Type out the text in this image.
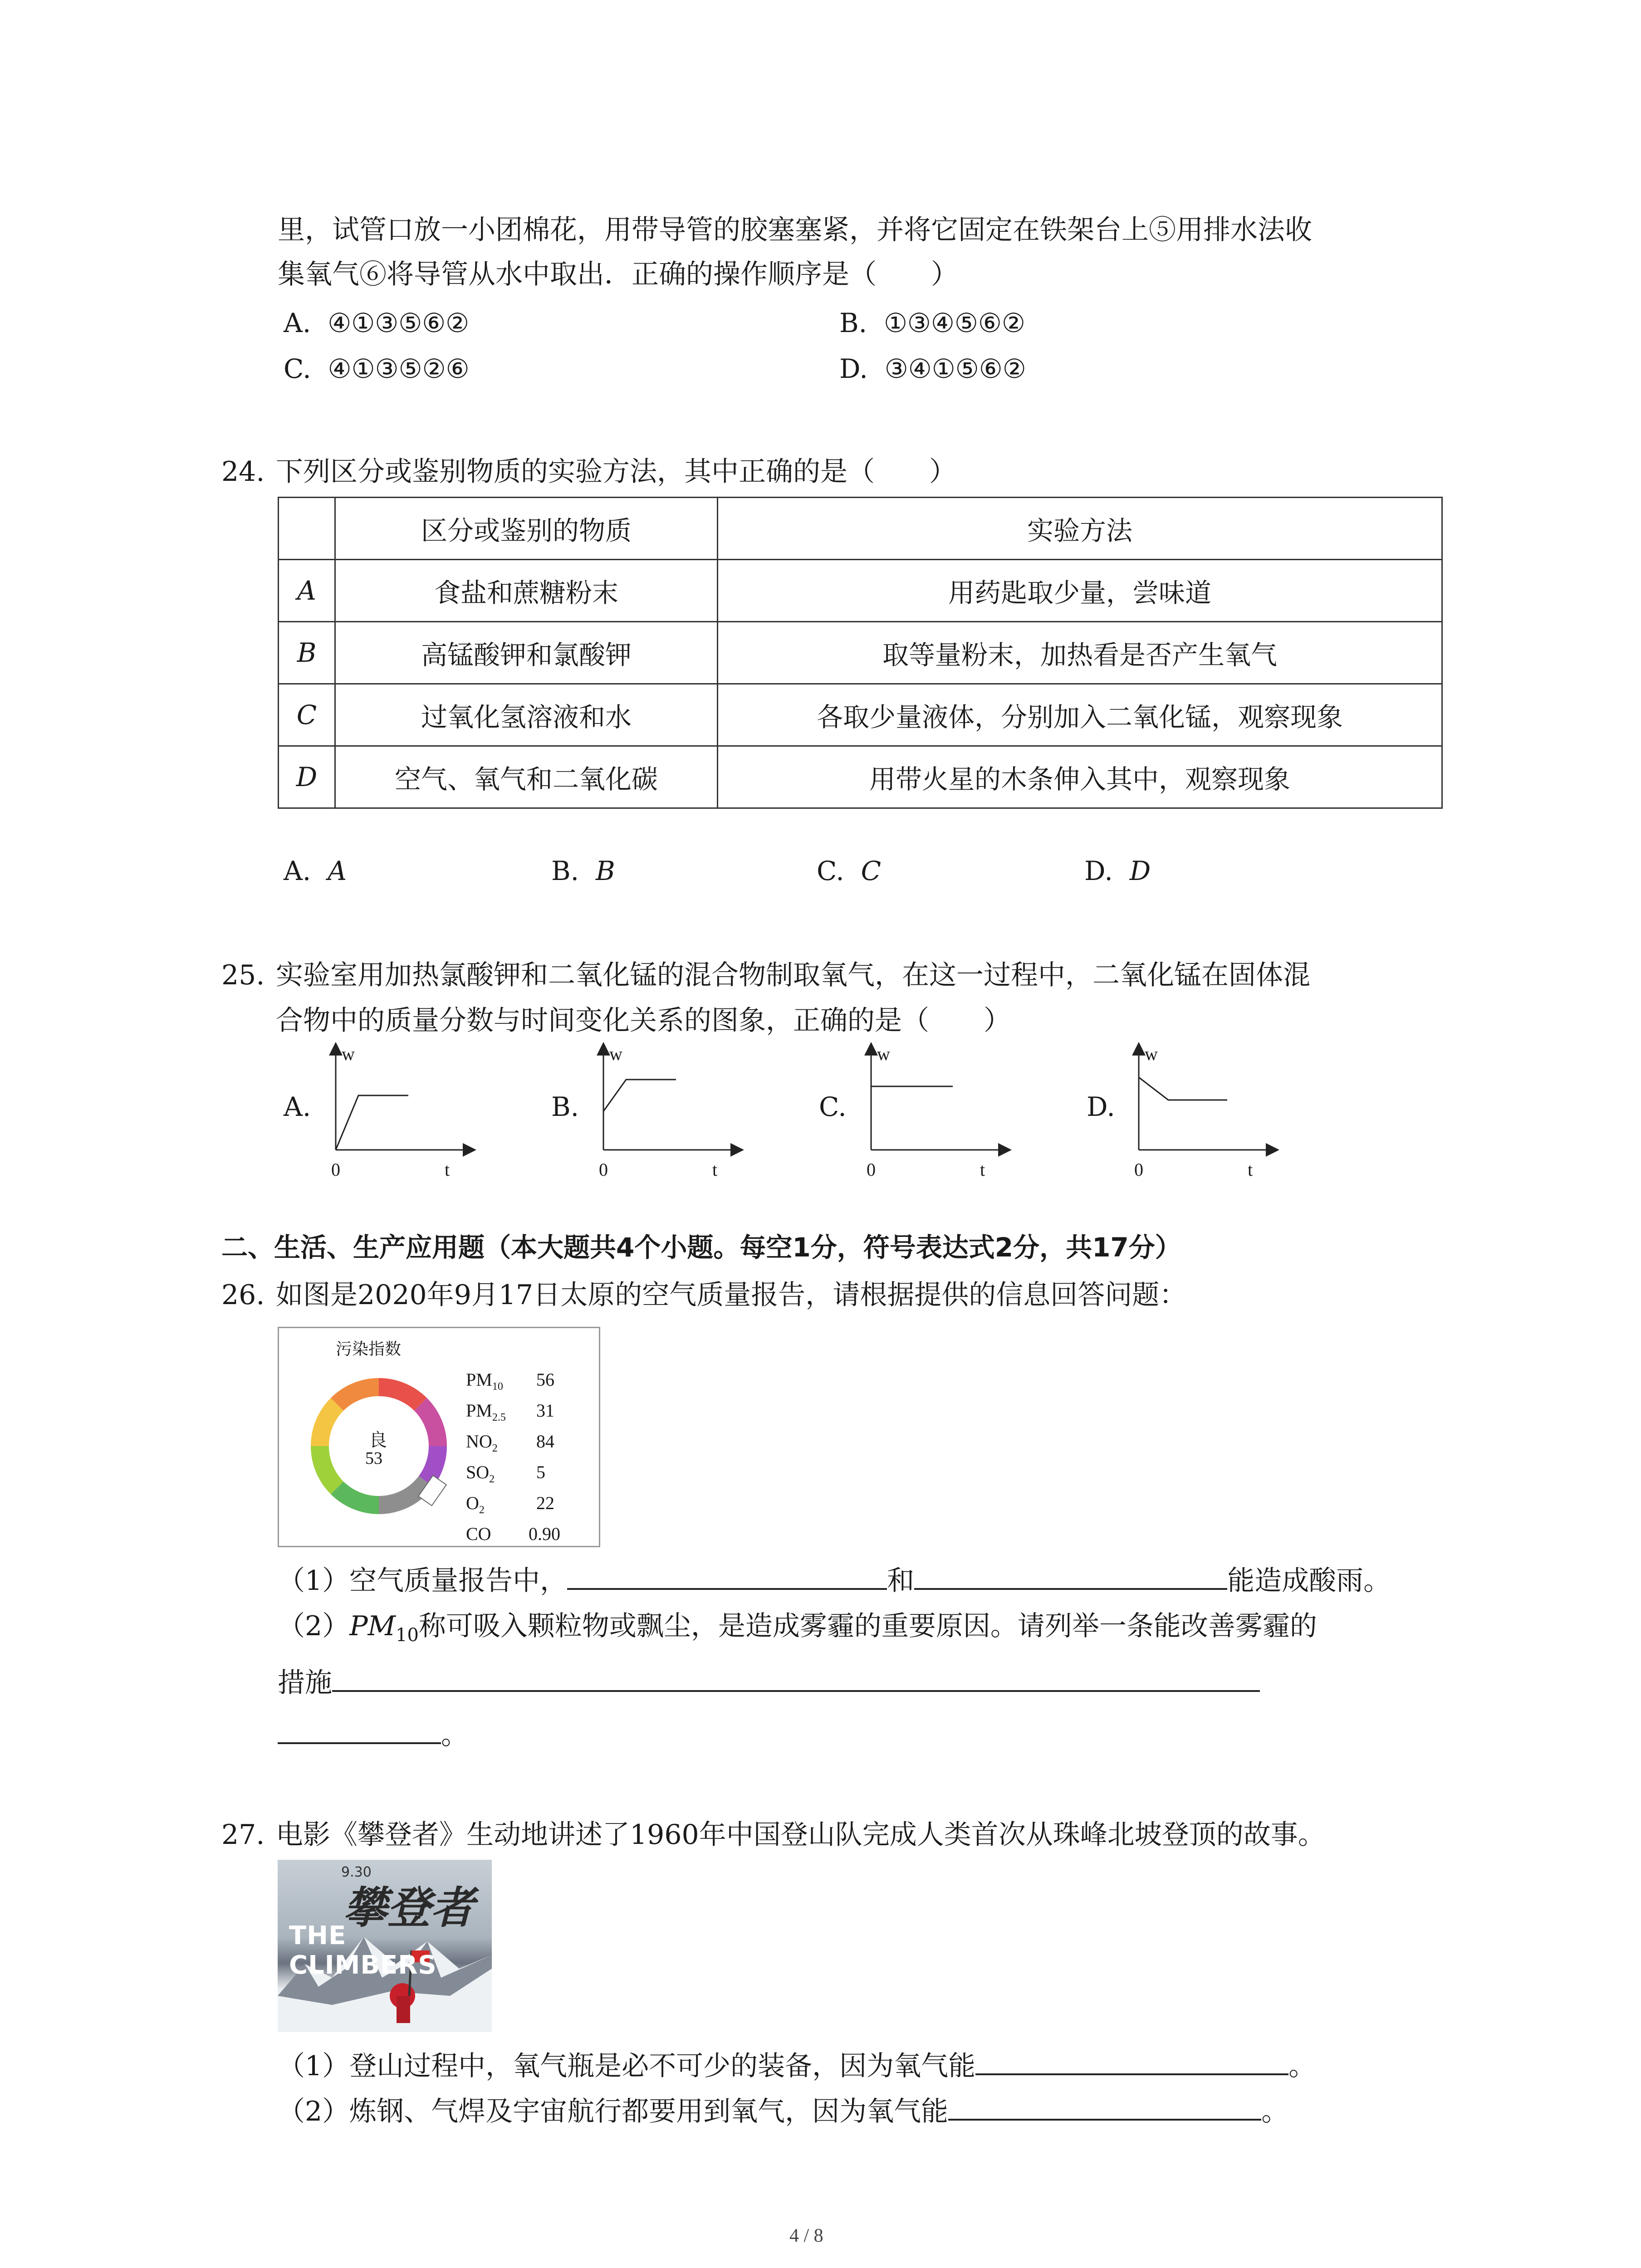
里，试管口放一小团棉花，用带导管的胶塞塞紧，并将它固定在铁架台上⑤用排水法收
集氧气⑥将导管从水中取出．正确的操作顺序是（　　）
A. ④①③⑤⑥②	B. ①③④⑤⑥②
C. ④①③⑤②⑥	D. ③④①⑤⑥②
24. 下列区分或鉴别物质的实验方法，其中正确的是（　　）
	区分或鉴别的物质	实验方法
A	食盐和蔗糖粉末	用药匙取少量，尝味道
B	高锰酸钾和氯酸钾	取等量粉末，加热看是否产生氧气
C	过氧化氢溶液和水	各取少量液体，分别加入二氧化锰，观察现象
D	空气、氧气和二氧化碳	用带火星的木条伸入其中，观察现象
A. A	B. B	C. C	D. D
25. 实验室用加热氯酸钾和二氧化锰的混合物制取氧气，在这一过程中，二氧化锰在固体混
合物中的质量分数与时间变化关系的图象，正确的是（　　）
A.
w
0	t
B.
w
0	t
C.
w
0	t
D.
w
0	t
二、生活、生产应用题（本大题共4个小题。每空1分，符号表达式2分，共17分）
26. 如图是2020年9月17日太原的空气质量报告，请根据提供的信息回答问题：
污染指数
良
53
$PM_{10}$ 56
$PM_{2.5}$ 31
$NO_2$ 84
$SO_2$ 5
$O_2$	22
CO 0.90
（1）空气质量报告中，	和	能造成酸雨。
$(2)PM_{10}$称可吸入颗粒物或飘尘，是造成雾霾的重要原因。请列举一条能改善雾霾的
措施
。
27. 电影《攀登者》生动地讲述了1960年中国登山队完成人类首次从珠峰北坡登顶的故事。
9.30
攀登者
THE CLIMBERS
（1）登山过程中，氧气瓶是必不可少的装备，因为氧气能	。
（2）炼钢、气焊及宇宙航行都要用到氧气，因为氧气能	。
4 / 8
